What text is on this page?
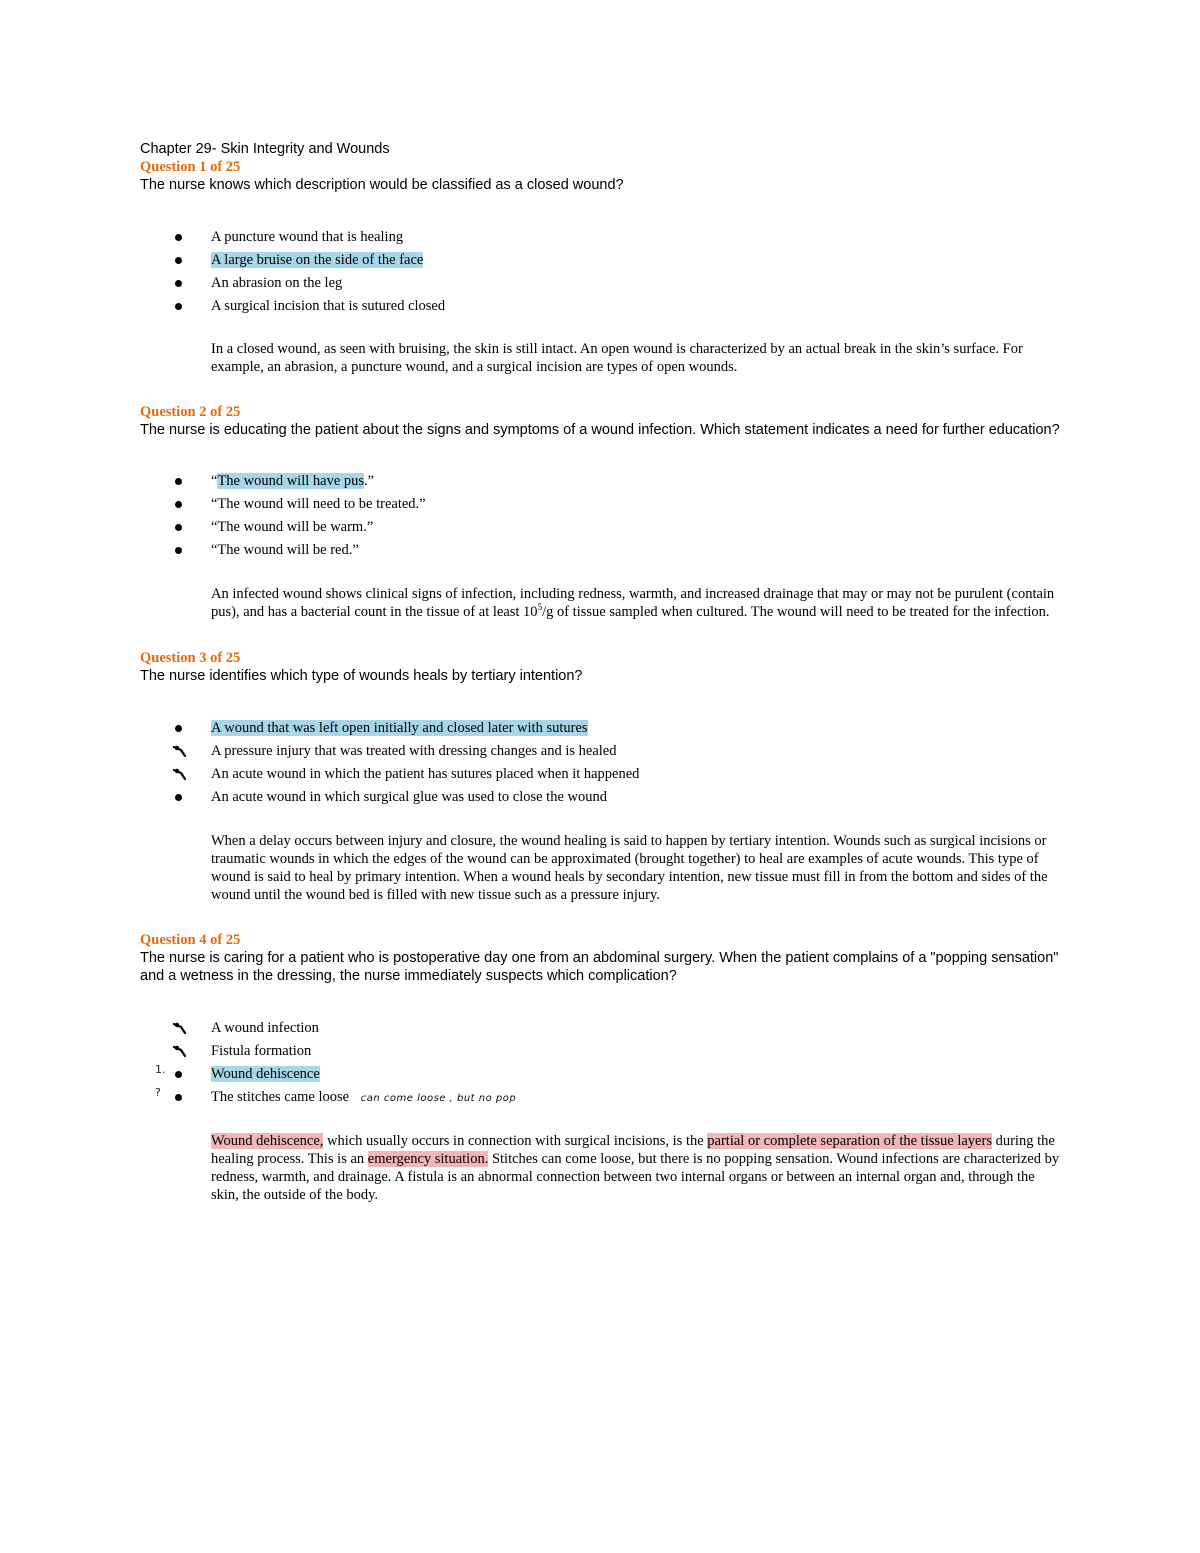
Chapter 29- Skin Integrity and Wounds

Question 1 of 25

The nurse knows which description would be classified as a closed wound?

A puncture wound that is healing
A large bruise on the side of the face
An abrasion on the leg
A surgical incision that is sutured closed

In a closed wound, as seen with bruising, the skin is still intact. An open wound is characterized by an actual break in the skin’s surface. For example, an abrasion, a puncture wound, and a surgical incision are types of open wounds.

Question 2 of 25

The nurse is educating the patient about the signs and symptoms of a wound infection. Which statement indicates a need for further education?

“The wound will have pus.”
“The wound will need to be treated.”
“The wound will be warm.”
“The wound will be red.”

An infected wound shows clinical signs of infection, including redness, warmth, and increased drainage that may or may not be purulent (contain pus), and has a bacterial count in the tissue of at least $10^5/g$ of tissue sampled when cultured. The wound will need to be treated for the infection.

Question 3 of 25

The nurse identifies which type of wounds heals by tertiary intention?

A wound that was left open initially and closed later with sutures
A pressure injury that was treated with dressing changes and is healed
An acute wound in which the patient has sutures placed when it happened
An acute wound in which surgical glue was used to close the wound

When a delay occurs between injury and closure, the wound healing is said to happen by tertiary intention. Wounds such as surgical incisions or traumatic wounds in which the edges of the wound can be approximated (brought together) to heal are examples of acute wounds. This type of wound is said to heal by primary intention. When a wound heals by secondary intention, new tissue must fill in from the bottom and sides of the wound until the wound bed is filled with new tissue such as a pressure injury.

Question 4 of 25

The nurse is caring for a patient who is postoperative day one from an abdominal surgery. When the patient complains of a "popping sensation" and a wetness in the dressing, the nurse immediately suspects which complication?

A wound infection
Fistula formation
1.	Wound dehiscence
?	The stitches came loose can come loose , but no pop

Wound dehiscence, which usually occurs in connection with surgical incisions, is the partial or complete separation of the tissue layers during the healing process. This is an emergency situation. Stitches can come loose, but there is no popping sensation. Wound infections are characterized by redness, warmth, and drainage. A fistula is an abnormal connection between two internal organs or between an internal organ and, through the skin, the outside of the body.
